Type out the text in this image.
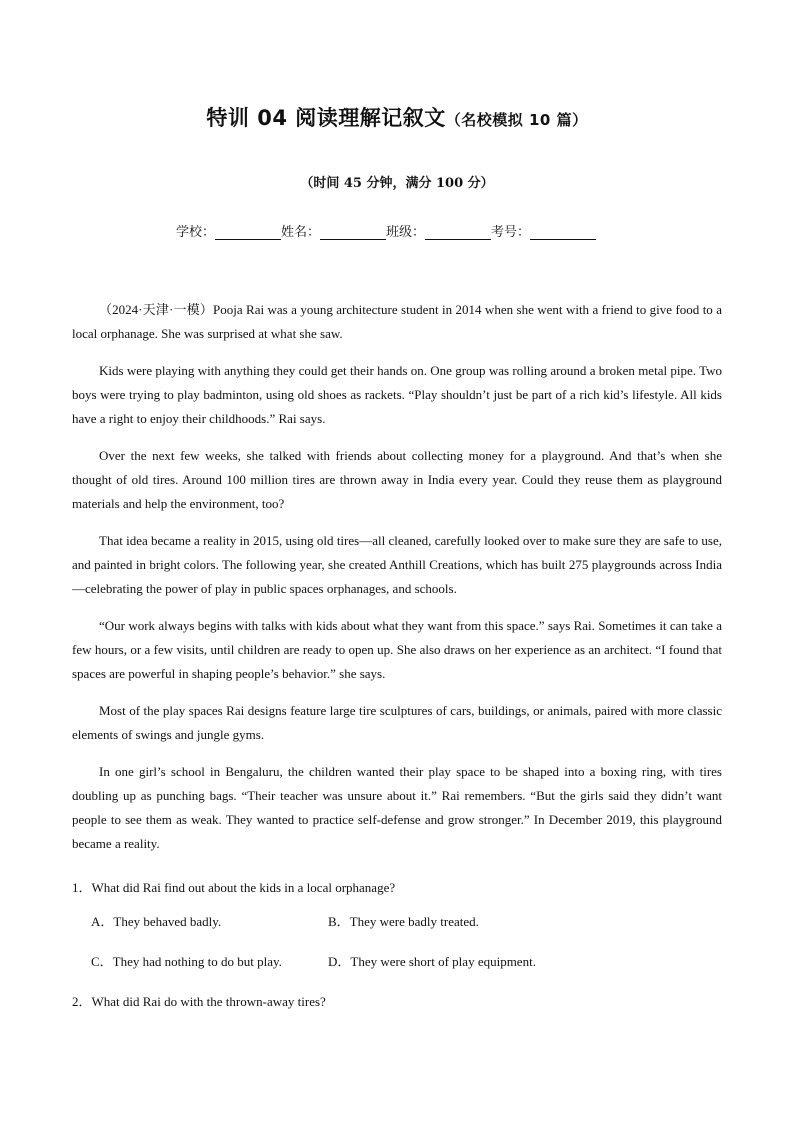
特训 04 阅读理解记叙文（名校模拟 10 篇）
（时间 45 分钟，满分 100 分）
学校：	姓名：	班级：	考号：

（2024·天津·一模）Pooja Rai was a young architecture student in 2014 when she went with a friend to give food to a local orphanage. She was surprised at what she saw.

Kids were playing with anything they could get their hands on. One group was rolling around a broken metal pipe. Two boys were trying to play badminton, using old shoes as rackets. “Play shouldn’t just be part of a rich kid’s lifestyle. All kids have a right to enjoy their childhoods.” Rai says.

Over the next few weeks, she talked with friends about collecting money for a playground. And that’s when she thought of old tires. Around 100 million tires are thrown away in India every year. Could they reuse them as playground materials and help the environment, too?

That idea became a reality in 2015, using old tires—all cleaned, carefully looked over to make sure they are safe to use, and painted in bright colors. The following year, she created Anthill Creations, which has built 275 playgrounds across India—celebrating the power of play in public spaces orphanages, and schools.

“Our work always begins with talks with kids about what they want from this space.” says Rai. Sometimes it can take a few hours, or a few visits, until children are ready to open up. She also draws on her experience as an architect. “I found that spaces are powerful in shaping people’s behavior.” she says.

Most of the play spaces Rai designs feature large tire sculptures of cars, buildings, or animals, paired with more classic elements of swings and jungle gyms.

In one girl’s school in Bengaluru, the children wanted their play space to be shaped into a boxing ring, with tires doubling up as punching bags. “Their teacher was unsure about it.” Rai remembers. “But the girls said they didn’t want people to see them as weak. They wanted to practice self-defense and grow stronger.” In December 2019, this playground became a reality.

1．What did Rai find out about the kids in a local orphanage?

A．They behaved badly.	B．They were badly treated.
C．They had nothing to do but play.	D．They were short of play equipment.

2．What did Rai do with the thrown-away tires?
